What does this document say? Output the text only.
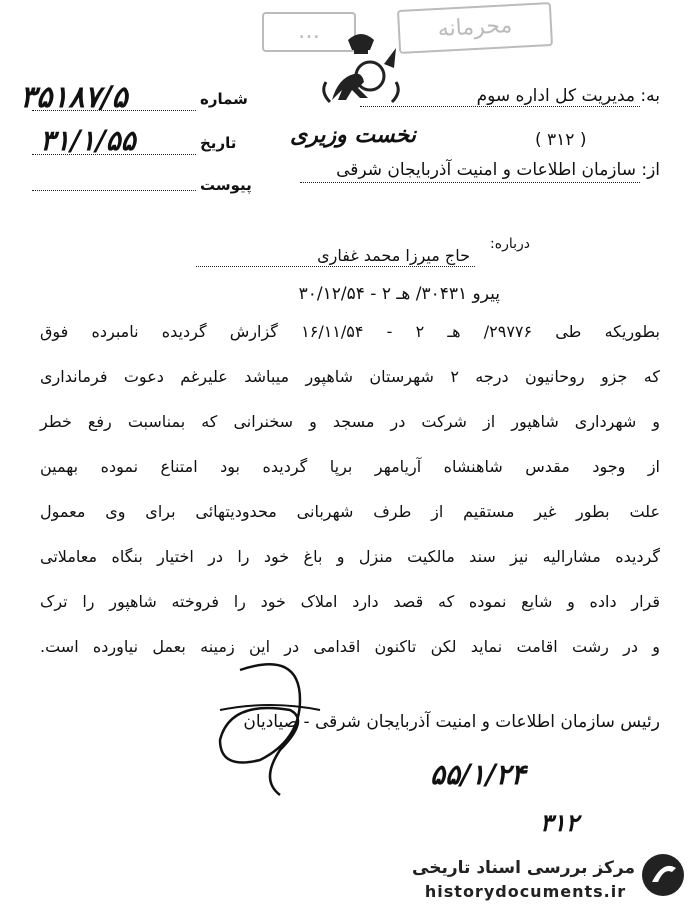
…	محرمانه
نخست وزیری
به: مدیریت کل اداره سوم
( ۳۱۲ )
از: سازمان اطلاعات و امنیت آذربایجان شرقی
شماره
۳۵۱۸۷/۵
تاریخ
۳۱/۱/۵۵
پیوست
درباره:
حاج میرزا محمد غفاری
پیرو ۳۰۴۳۱/ هـ ۲ - ۳۰/۱۲/۵۴
بطوریکه طی ۲۹۷۷۶/ هـ ۲ - ۱۶/۱۱/۵۴ گزارش گردیده نامبرده فوق
که جزو روحانیون درجه ۲ شهرستان شاهپور میباشد علیرغم دعوت فرمانداری
و شهرداری شاهپور از شرکت در مسجد و سخنرانی که بمناسبت رفع خطر
از وجود مقدس شاهنشاه آریامهر برپا گردیده بود امتناع نموده بهمین
علت بطور غیر مستقیم از طرف شهربانی محدودیتهائی برای وی معمول
گردیده مشارالیه نیز سند مالکیت منزل و باغ خود را در اختیار بنگاه معاملاتی
قرار داده و شایع نموده که قصد دارد املاک خود را فروخته شاهپور را ترک
و در رشت اقامت نماید لکن تاکنون اقدامی در این زمینه بعمل نیاورده است.
رئیس سازمان اطلاعات و امنیت آذربایجان شرقی - صیادیان
۵۵/۱/۲۴
۳۱۲
مرکز بررسی اسناد تاریخی
historydocuments.ir
